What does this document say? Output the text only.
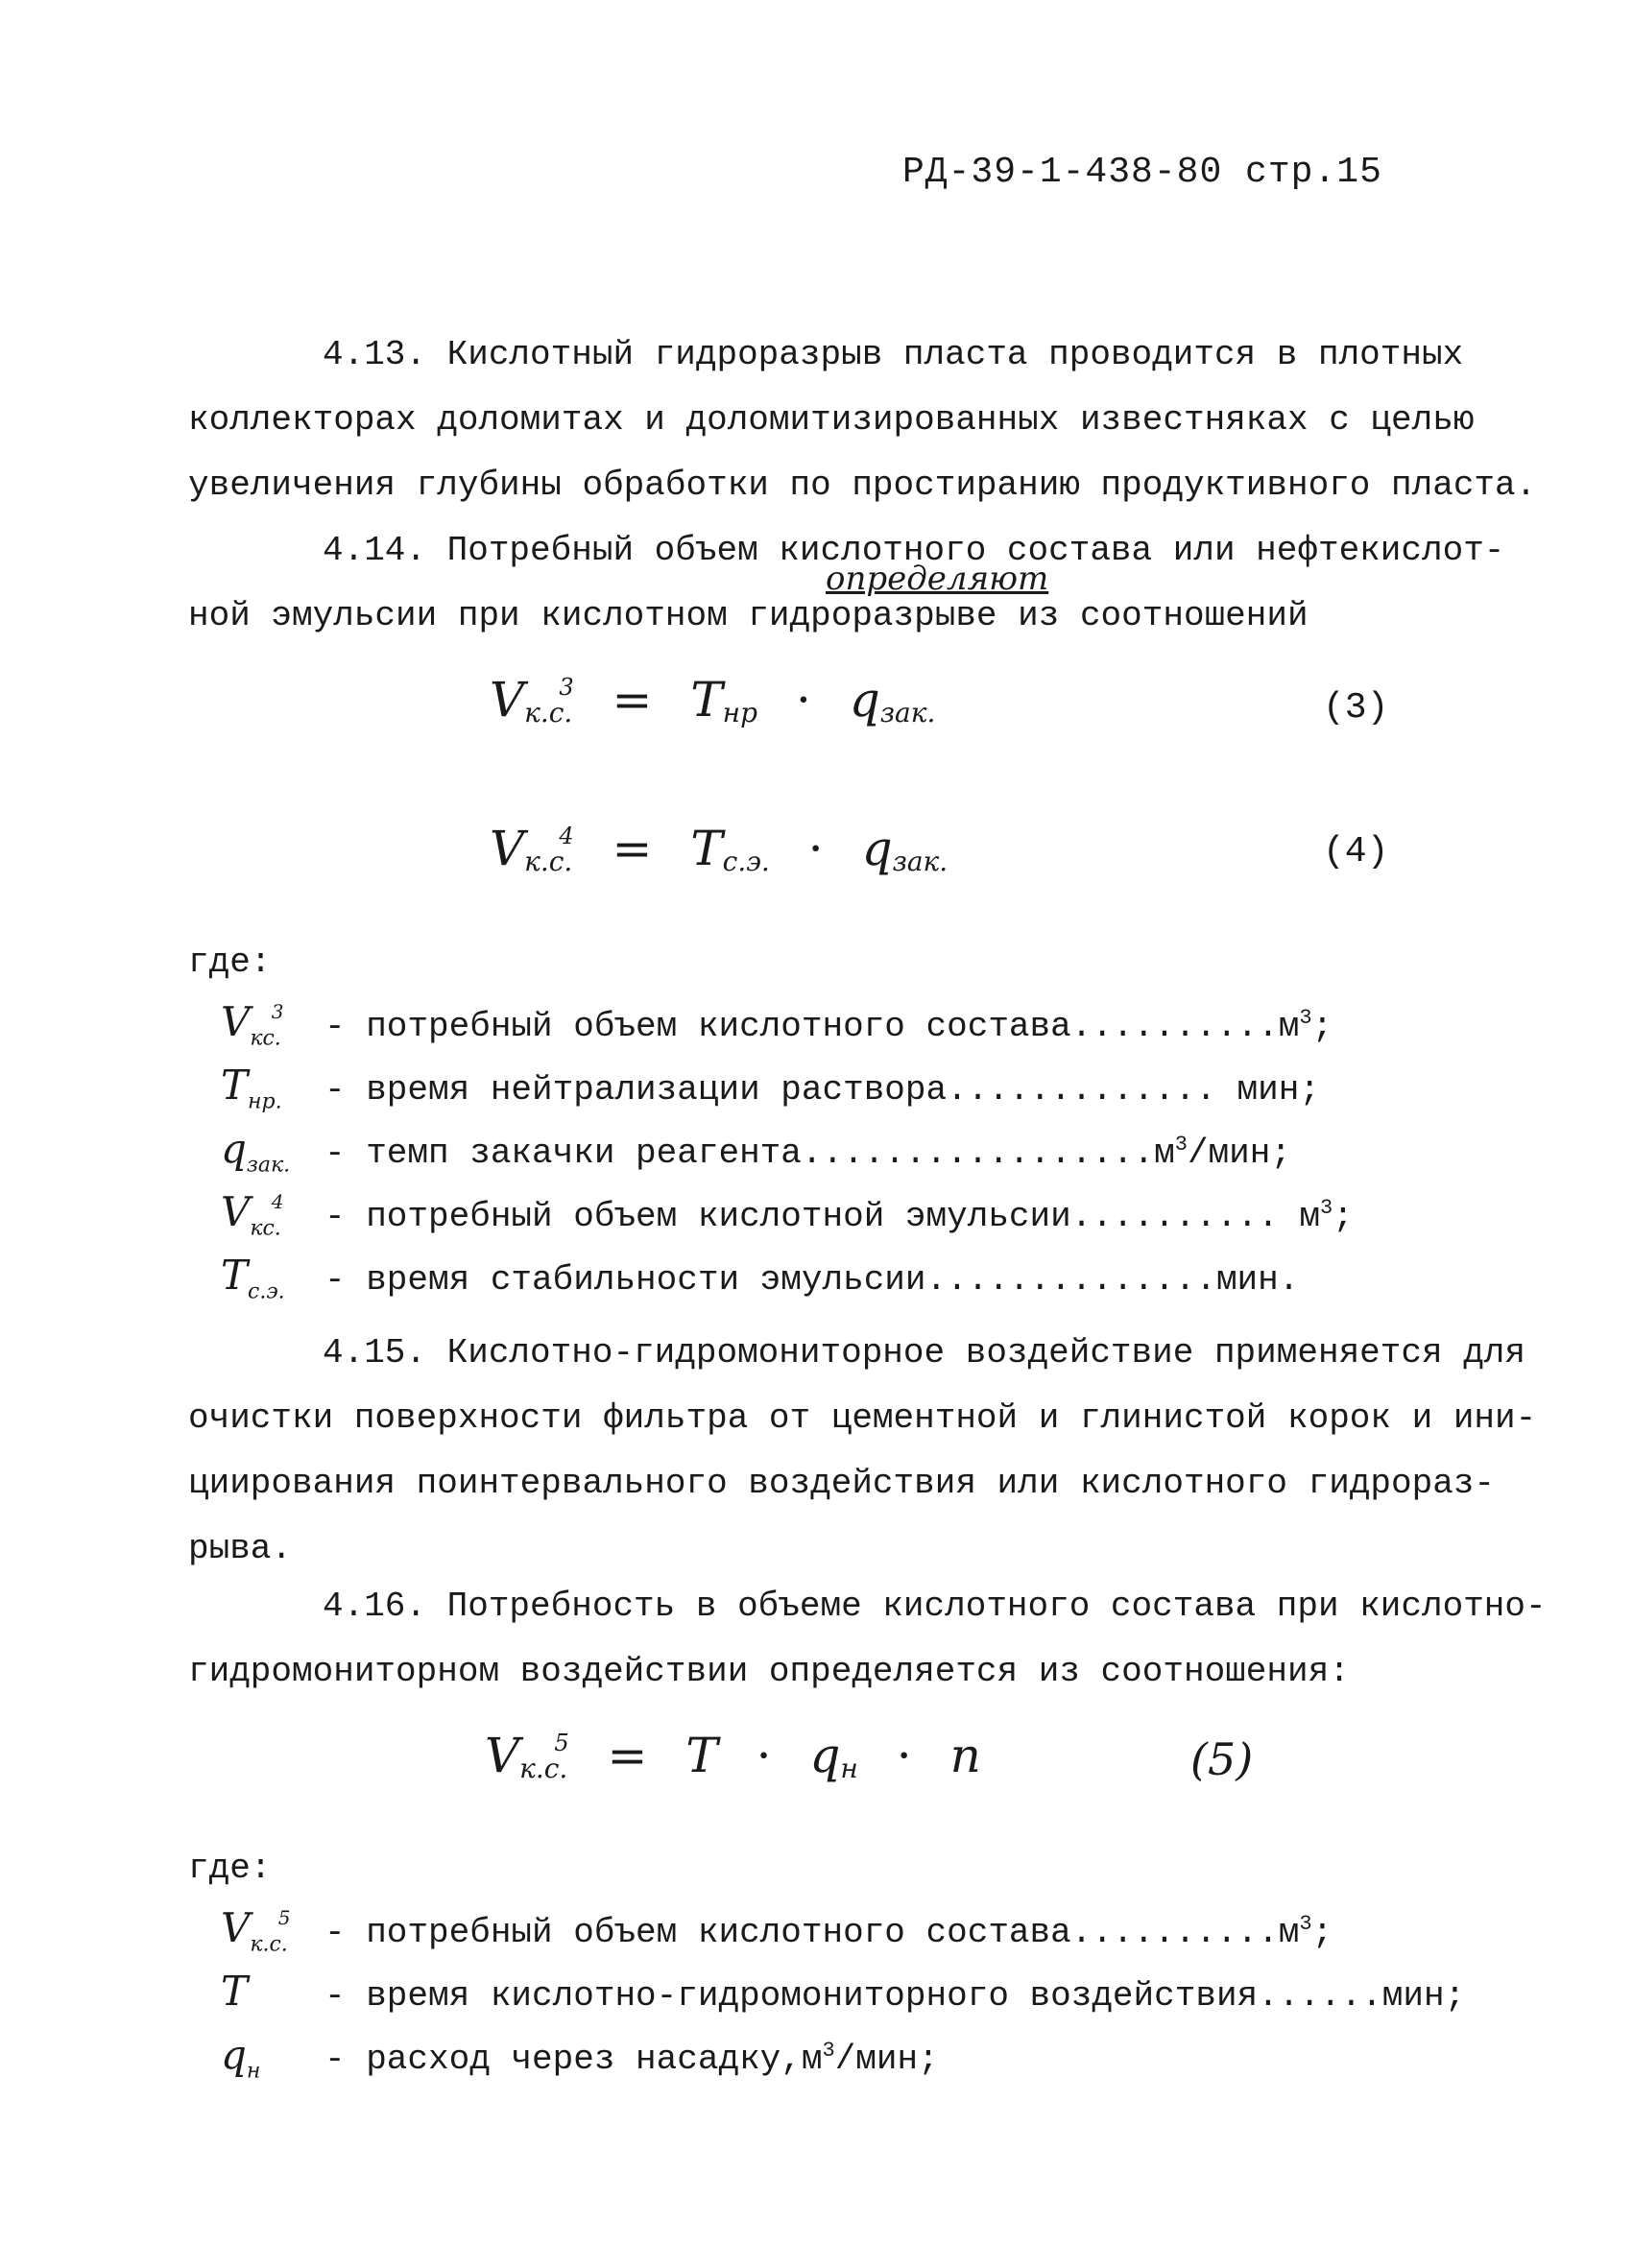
РД-39-1-438-80 стр.15
4.13. Кислотный гидроразрыв пласта проводится в плотных
коллекторах доломитах и доломитизированных известняках с целью
увеличения глубины обработки по простиранию продуктивного пласта.
4.14. Потребный объем кислотного состава или нефтекислот-
ной эмульсии при кислотном гидроразрыве из соотношений
определяют
$V_{к.с.}^3 = T_{нр} \cdot q_{зак.}$	(3)
$V_{к.с.}^4 = T_{с.э.} \cdot q_{зак.}$	(4)
где:
$V_{кс.}^3$	- потребный объем кислотного $состава..........м^3$;
$T_{нр.}$	- время нейтрализации раствора............. мин;
$q_{зак.}$ - темп закачки $реагента.................м^3$/мин;
$V_{кс.}^4$	- потребный объем кислотной эмульсии.......... $м^3$;
$T_{с.э.}$	- время стабильности эмульсии..............мин.
4.15. Кислотно-гидромониторное воздействие применяется для
очистки поверхности фильтра от цементной и глинистой корок и ини-
циирования поинтервального воздействия или кислотного гидрораз-
рыва.
4.16. Потребность в объеме кислотного состава при кислотно-
гидромониторном воздействии определяется из соотношения:
$V_{к.с.}^5 = T \cdot q_н \cdot n$	(5)
где:
$V_{к.с.}^5$ - потребный объем кислотного $состава..........м^3$;
T	- время кислотно-гидромониторного воздействия......мин;
$q_н$	- расход через $насадку,м^3$/мин;
